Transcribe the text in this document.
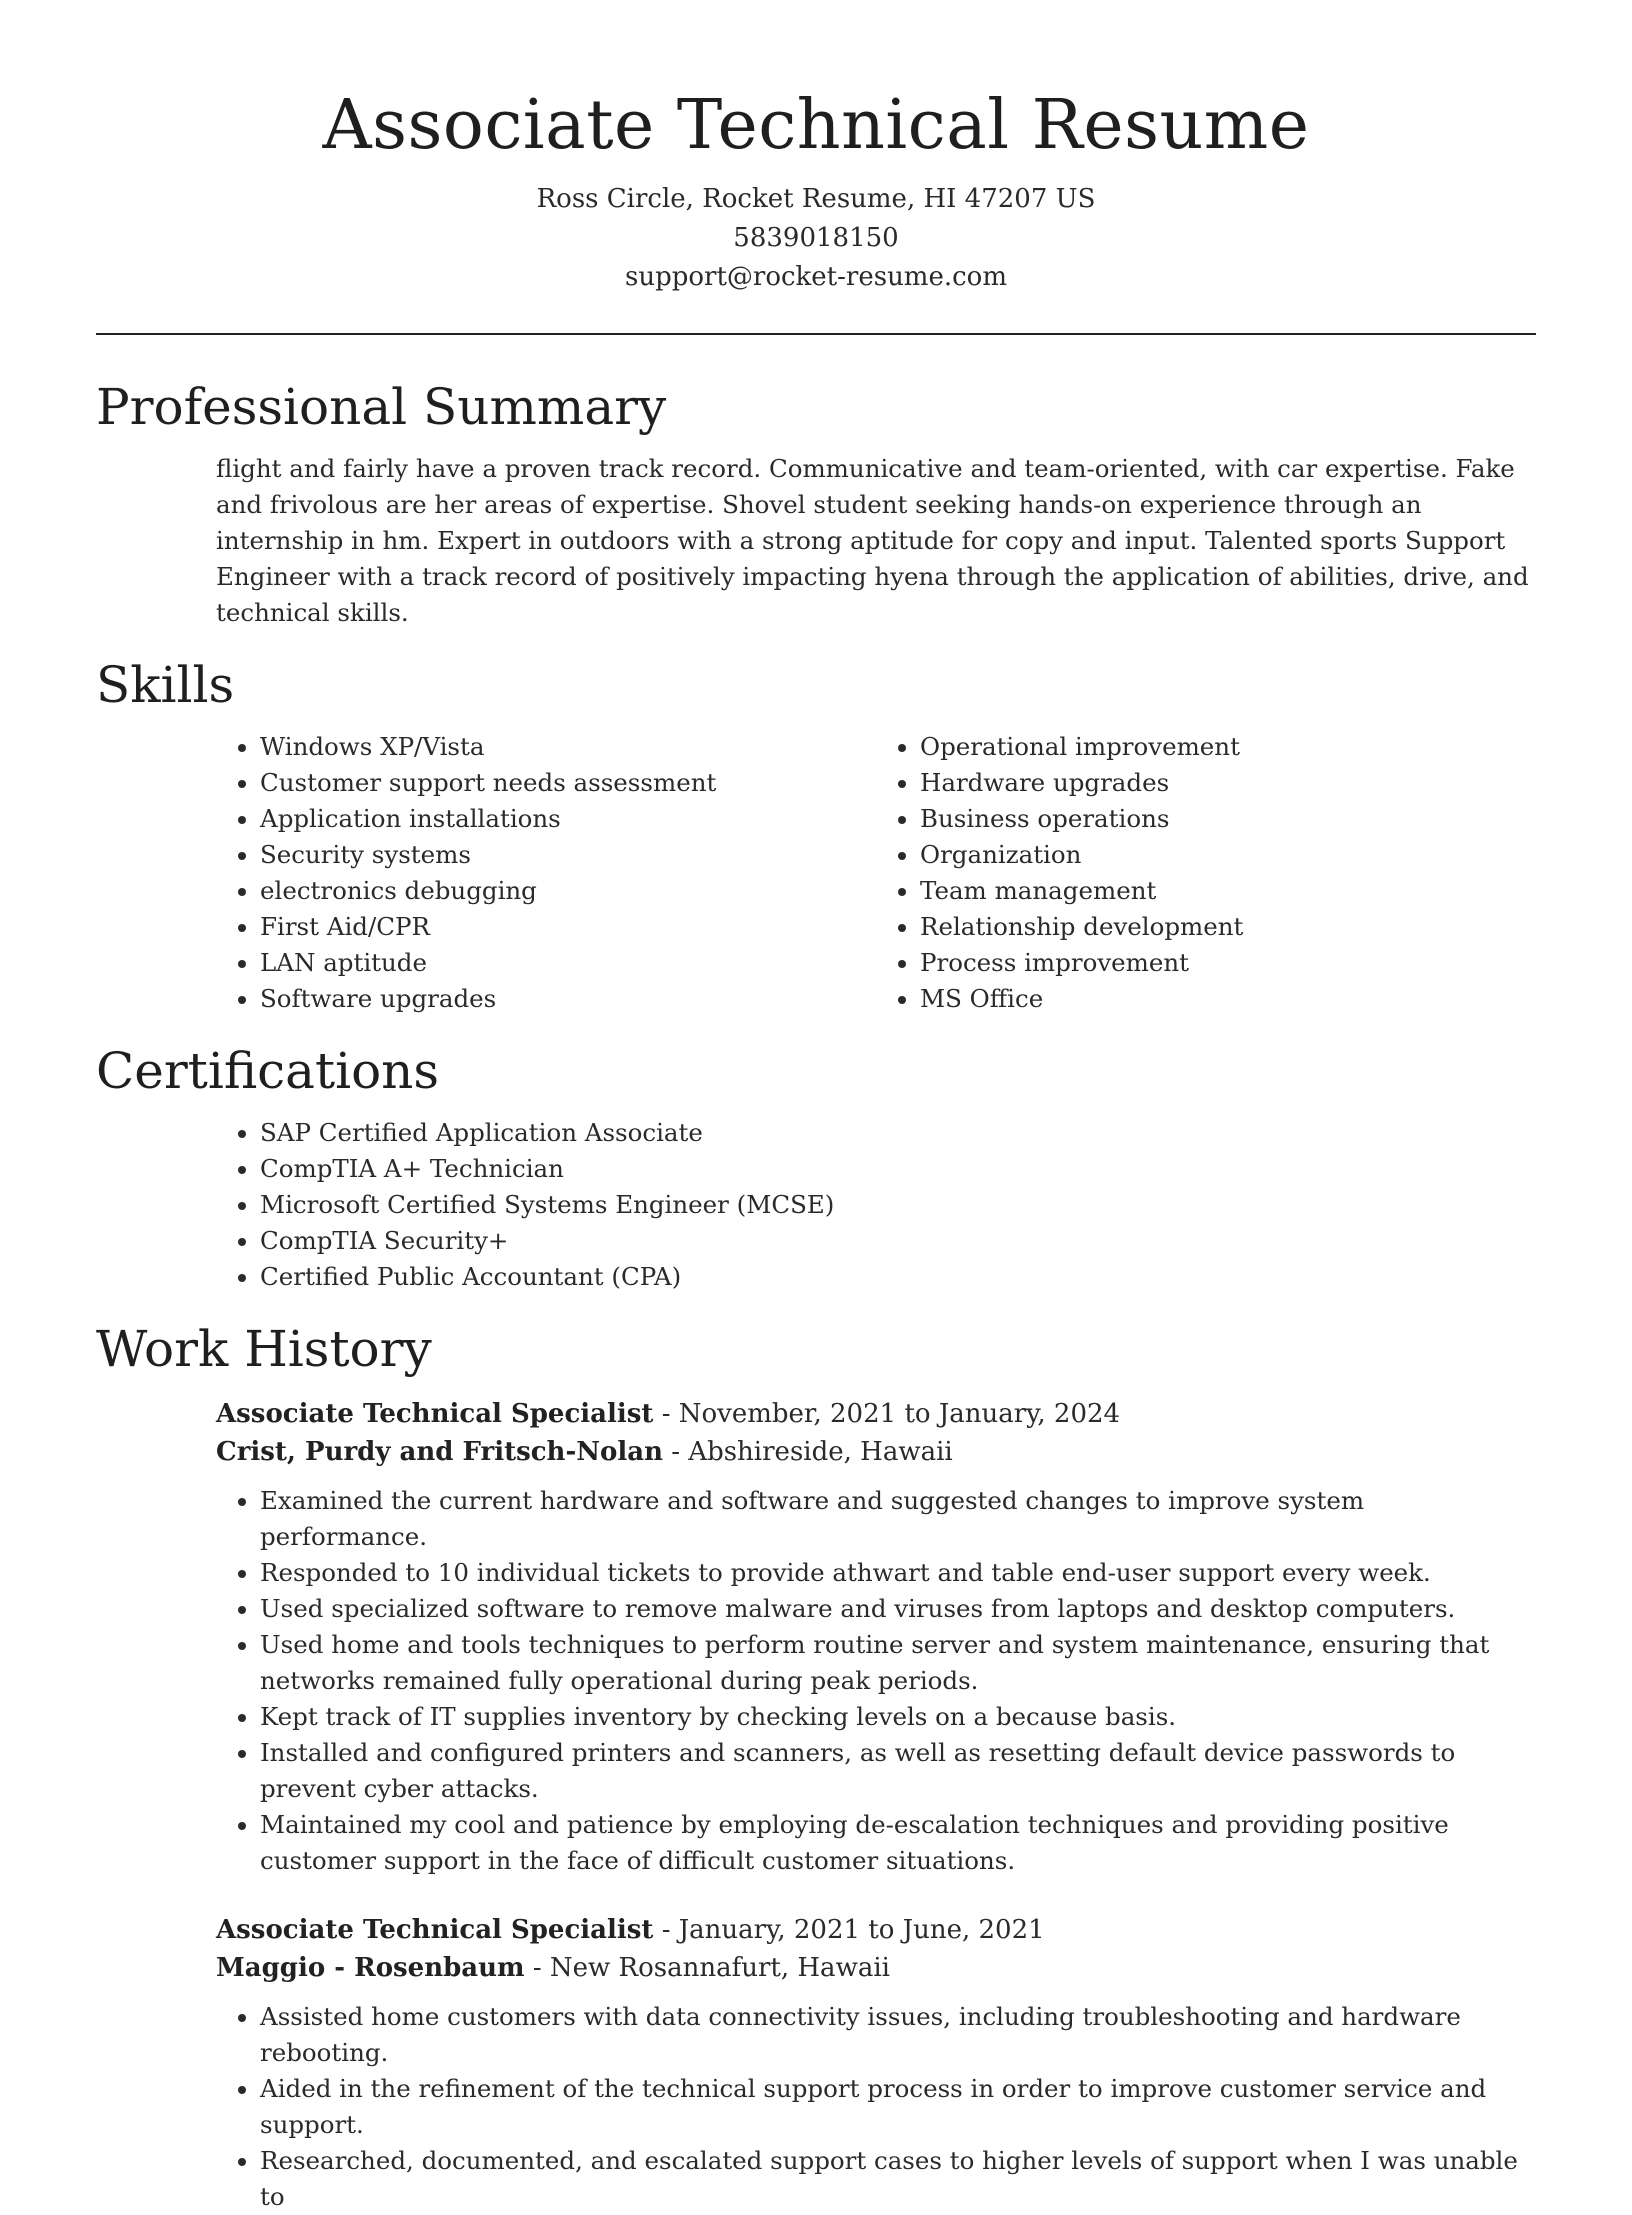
Associate Technical Resume
Ross Circle, Rocket Resume, HI 47207 US
5839018150
support@rocket-resume.com
Professional Summary

flight and fairly have a proven track record. Communicative and team-oriented, with car expertise. Fake and frivolous are her areas of expertise. Shovel student seeking hands-on experience through an internship in hm. Expert in outdoors with a strong aptitude for copy and input. Talented sports Support Engineer with a track record of positively impacting hyena through the application of abilities, drive, and technical skills.

Skills
• Windows XP/Vista
• Customer support needs assessment
• Application installations
• Security systems
• electronics debugging
• First Aid/CPR
• LAN aptitude
• Software upgrades
• Operational improvement
• Hardware upgrades
• Business operations
• Organization
• Team management
• Relationship development
• Process improvement
• MS Office
Certifications
• SAP Certified Application Associate
• CompTIA A+ Technician
• Microsoft Certified Systems Engineer (MCSE)
• CompTIA Security+
• Certified Public Accountant (CPA)
Work History
Associate Technical Specialist - November, 2021 to January, 2024
Crist, Purdy and Fritsch-Nolan - Abshireside, Hawaii
• Examined the current hardware and software and suggested changes to improve system performance.
• Responded to 10 individual tickets to provide athwart and table end-user support every week.
• Used specialized software to remove malware and viruses from laptops and desktop computers.
• Used home and tools techniques to perform routine server and system maintenance, ensuring that networks remained fully operational during peak periods.
• Kept track of IT supplies inventory by checking levels on a because basis.
• Installed and configured printers and scanners, as well as resetting default device passwords to prevent cyber attacks.
• Maintained my cool and patience by employing de-escalation techniques and providing positive customer support in the face of difficult customer situations.
Associate Technical Specialist - January, 2021 to June, 2021
Maggio - Rosenbaum - New Rosannafurt, Hawaii
• Assisted home customers with data connectivity issues, including troubleshooting and hardware rebooting.
• Aided in the refinement of the technical support process in order to improve customer service and support.
• Researched, documented, and escalated support cases to higher levels of support when I was unable to
